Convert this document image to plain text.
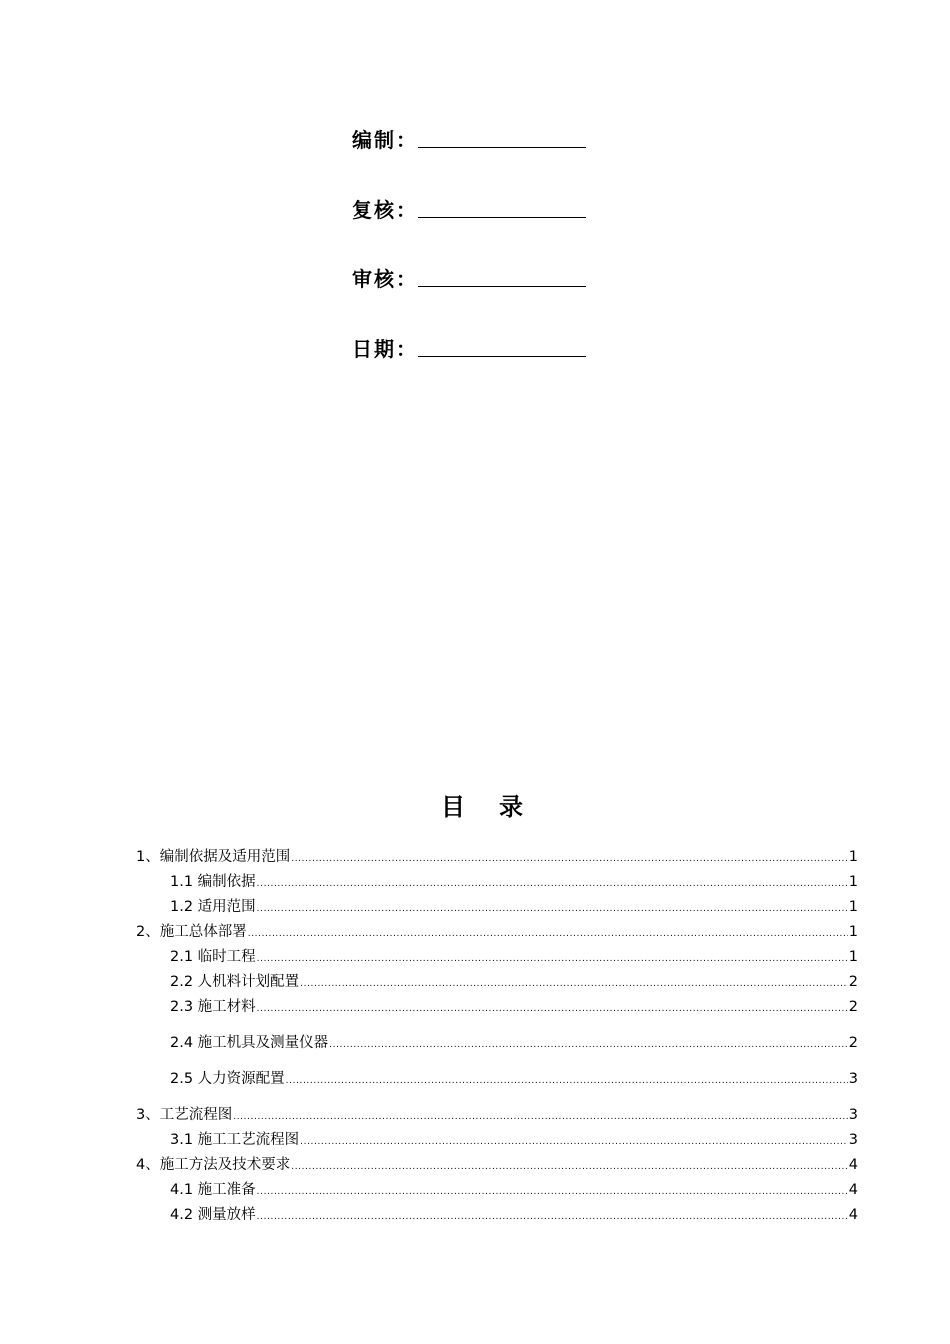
编制：
复核：
审核：
日期：
目录
1、编制依据及适用范围 .....	1
1.1 编制依据 .....	1
1.2 适用范围 .....	1
2、施工总体部署 .....	1
2.1 临时工程 .....	1
2.2 人机料计划配置 .....	2
2.3 施工材料 .....	2
2.4 施工机具及测量仪器 .....	2
2.5 人力资源配置 .....	3
3、工艺流程图 .....	3
3.1 施工工艺流程图 .....	3
4、施工方法及技术要求 .....	4
4.1 施工准备 .....	4
4.2 测量放样 .....	4
